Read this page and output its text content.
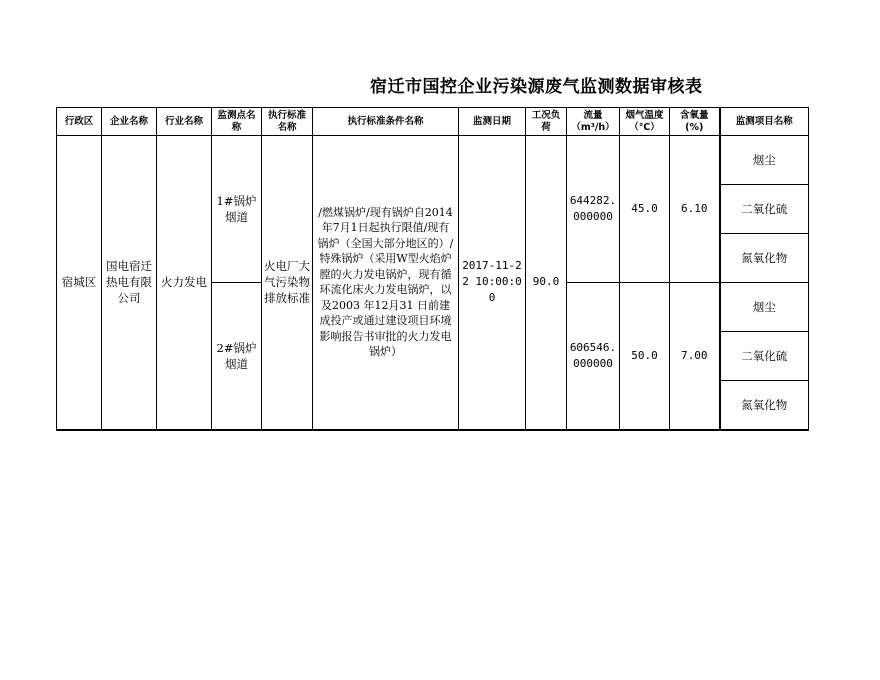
宿迁市国控企业污染源废气监测数据审核表
行政区	企业名称	行业名称	监测点名称	执行标准名称	执行标准条件名称	监测日期	工况负荷	流量（m³/h）	烟气温度（℃）	含氧量(%)	监测项目名称
宿城区	国电宿迁热电有限公司	火力发电	1#锅炉烟道	火电厂大气污染物排放标准	/燃煤锅炉/现有锅炉自2014年7月1日起执行限值/现有锅炉（全国大部分地区的）/特殊锅炉（采用W型火焰炉膛的火力发电锅炉，现有循环流化床火力发电锅炉，以及2003 年12月31 日前建成投产或通过建设项目环境影响报告书审批的火力发电锅炉）	2017-11-22 10:00:00	90.0	644282.000000	45.0	6.10	烟尘
											二氧化硫
											氮氧化物
			2#锅炉烟道					606546.000000	50.0	7.00	烟尘
											二氧化硫
											氮氧化物
